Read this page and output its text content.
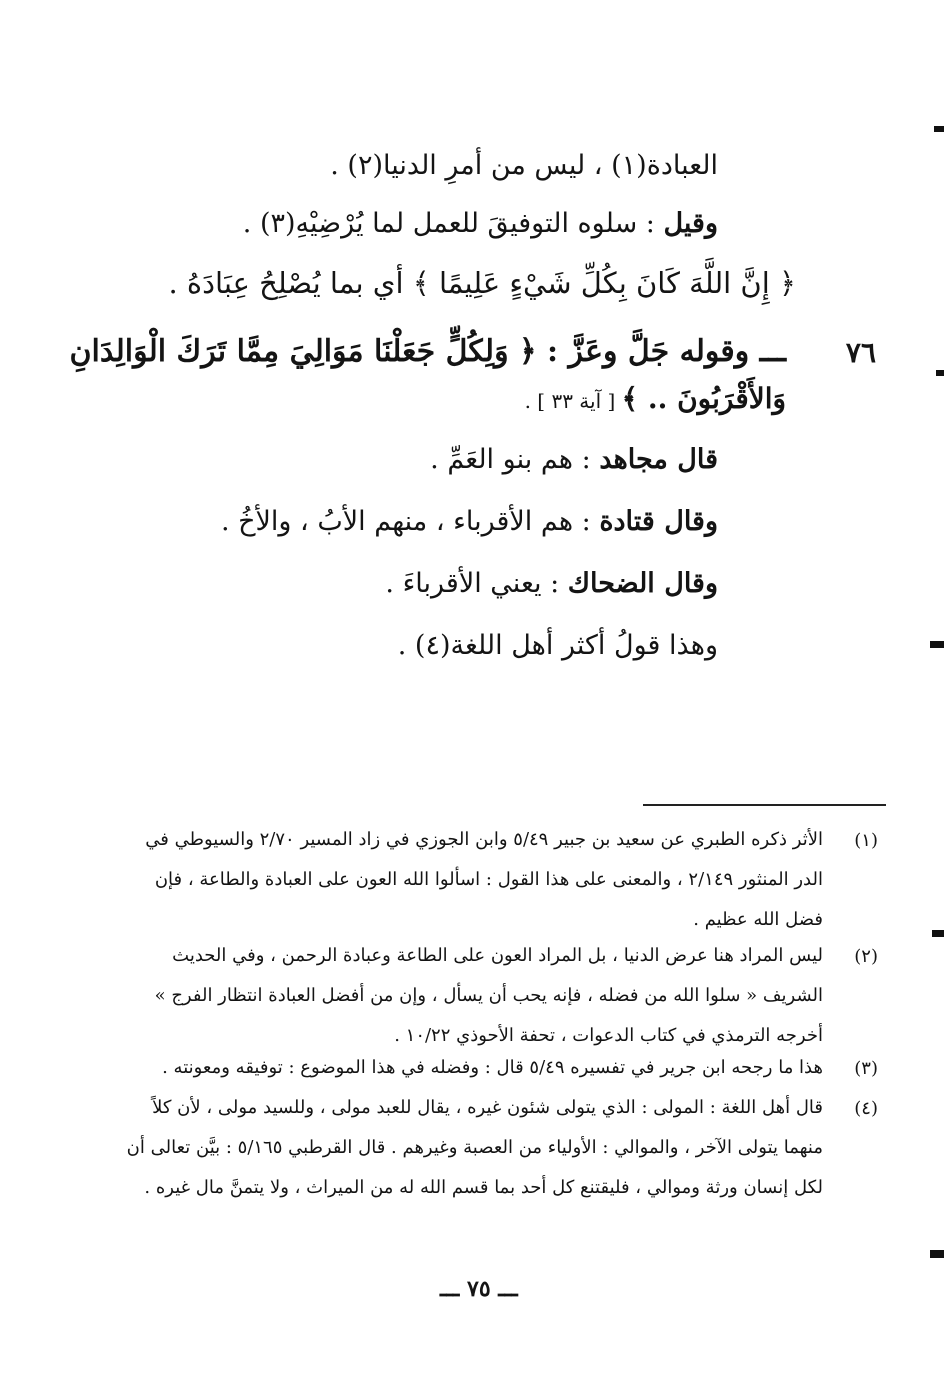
العبادة(١) ، ليس من أمرِ الدنيا(٢) .
وقيل : سلوه التوفيقَ للعمل لما يُرْضِيْهِ(٣) .
﴿ إِنَّ اللَّهَ كَانَ بِكُلِّ شَيْءٍ عَلِيمًا ﴾ أي بما يُصْلِحُ عِبَادَهُ .
٧٦
ـــ وقوله جَلَّ وعَزَّ : ﴿ وَلِكُلٍّ جَعَلْنَا مَوَالِيَ مِمَّا تَرَكَ الْوَالِدَانِ
وَالأَقْرَبُونَ .. ﴾ [ آية ٣٣ ] .
قال مجاهد : هم بنو العَمِّ .
وقال قتادة : هم الأقرباء ، منهم الأبُ ، والأخُ .
وقال الضحاك : يعني الأقرباءَ .
وهذا قولُ أكثر أهل اللغة(٤) .
(١)
الأثر ذكره الطبري عن سعيد بن جبير ٥/٤٩ وابن الجوزي في زاد المسير ٢/٧٠ والسيوطي في الدر المنثور ٢/١٤٩ ، والمعنى على هذا القول : اسألوا الله العون على العبادة والطاعة ، فإن فضل الله عظيم .
(٢)
ليس المراد هنا عرض الدنيا ، بل المراد العون على الطاعة وعبادة الرحمن ، وفي الحديث الشريف « سلوا الله من فضله ، فإنه يحب أن يسأل ، وإن من أفضل العبادة انتظار الفرج » أخرجه الترمذي في كتاب الدعوات ، تحفة الأحوذي ١٠/٢٢ .
(٣)
هذا ما رجحه ابن جرير في تفسيره ٥/٤٩ قال : وفضله في هذا الموضوع : توفيقه ومعونته .
(٤)
قال أهل اللغة : المولى : الذي يتولى شئون غيره ، يقال للعبد مولى ، وللسيد مولى ، لأن كلاً منهما يتولى الآخر ، والموالي : الأولياء من العصبة وغيرهم . قال القرطبي ٥/١٦٥ : بيَّن تعالى أن لكل إنسان ورثة وموالي ، فليقتنع كل أحد بما قسم الله له من الميراث ، ولا يتمنَّ مال غيره .
ـــ ٧٥ ـــ
